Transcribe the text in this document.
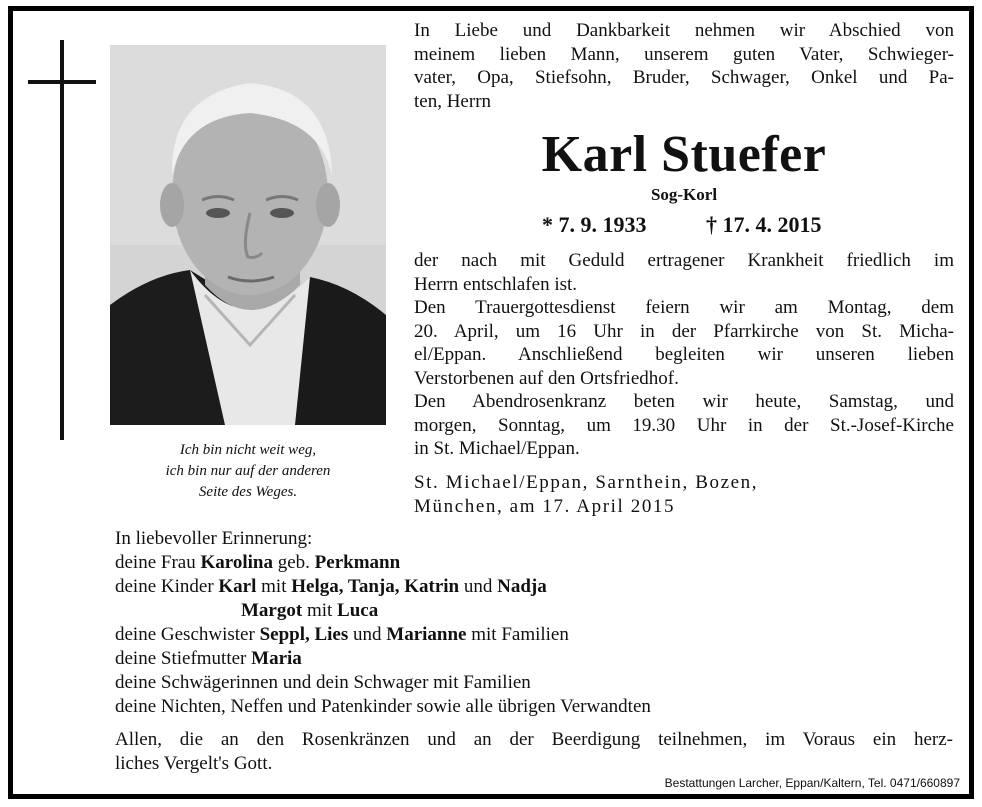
Ich bin nicht weit weg,
ich bin nur auf der anderen
Seite des Weges.
In Liebe und Dankbarkeit nehmen wir Abschied von
meinem lieben Mann, unserem guten Vater, Schwieger-
vater, Opa, Stiefsohn, Bruder, Schwager, Onkel und Pa-
ten, Herrn
Karl Stuefer
Sog-Korl
* 7. 9. 1933	† 17. 4. 2015
der nach mit Geduld ertragener Krankheit friedlich im
Herrn entschlafen ist.
Den Trauergottesdienst feiern wir am Montag, dem
20. April, um 16 Uhr in der Pfarrkirche von St. Micha-
el/Eppan. Anschließend begleiten wir unseren lieben
Verstorbenen auf den Ortsfriedhof.
Den Abendrosenkranz beten wir heute, Samstag, und
morgen, Sonntag, um 19.30 Uhr in der St.-Josef-Kirche
in St. Michael/Eppan.
St. Michael/Eppan, Sarnthein, Bozen,
München, am 17. April 2015
In liebevoller Erinnerung:
deine Frau Karolina geb. Perkmann
deine Kinder Karl mit Helga, Tanja, Katrin und Nadja
Margot mit Luca
deine Geschwister Seppl, Lies und Marianne mit Familien
deine Stiefmutter Maria
deine Schwägerinnen und dein Schwager mit Familien
deine Nichten, Neffen und Patenkinder sowie alle übrigen Verwandten
Allen, die an den Rosenkränzen und an der Beerdigung teilnehmen, im Voraus ein herz-
liches Vergelt's Gott.
Bestattungen Larcher, Eppan/Kaltern, Tel. 0471/660897
